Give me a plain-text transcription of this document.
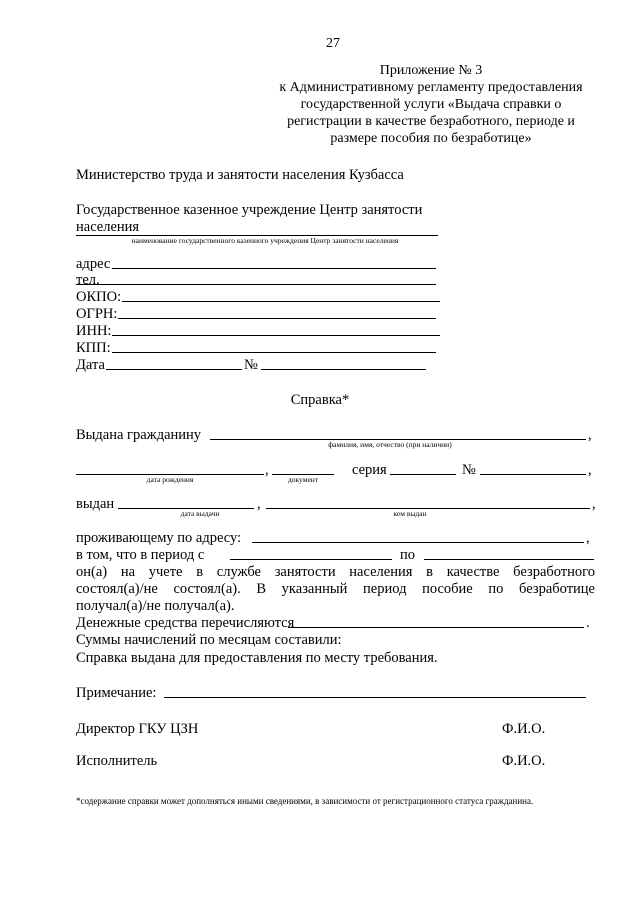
27
Приложение № 3
к Административному регламенту предоставления
государственной услуги «Выдача справки о
регистрации в качестве безработного, периоде и
размере пособия по безработице»
Министерство труда и занятости населения Кузбасса
Государственное казенное учреждение Центр занятости
населения
наименование государственного казенного учреждения Центр занятости населения
адрес
тел.
ОКПО:
ОГРН:
ИНН:
КПП:
Дата	№
Справка*
Выдана гражданину	,
фамилия, имя, отчество (при наличии)
,	серия	№	,
дата рождения	документ
выдан	,	,
дата выдачи	кем выдан
проживающему по адресу:	,
в том, что в период с	по
он(а) на учете в службе занятости населения в качестве безработного
состоял(а)/не состоял(а). В указанный период пособие по безработице
получал(а)/не получал(а).
Денежные средства перечисляются	.
Суммы начислений по месяцам составили:
Справка выдана для предоставления по месту требования.
Примечание:
Директор ГКУ ЦЗН	Ф.И.О.
Исполнитель	Ф.И.О.
*содержание справки может дополняться иными сведениями, в зависимости от регистрационного статуса гражданина.
